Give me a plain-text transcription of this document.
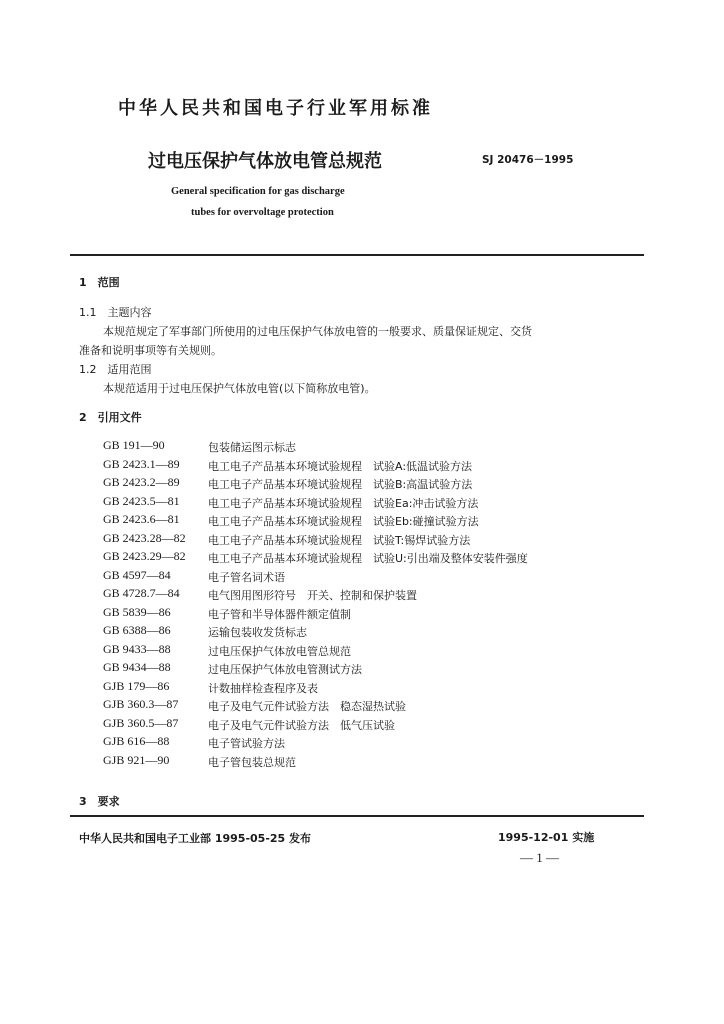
中华人民共和国电子行业军用标准
过电压保护气体放电管总规范	SJ 20476－1995
General specification for gas discharge
tubes for overvoltage protection
1　范围
1.1　主题内容
本规范规定了军事部门所使用的过电压保护气体放电管的一般要求、质量保证规定、交货
准备和说明事项等有关规则。
1.2　适用范围
本规范适用于过电压保护气体放电管(以下简称放电管)。
2　引用文件
GB 191—90	包装储运图示标志
GB 2423.1—89	电工电子产品基本环境试验规程　试验A:低温试验方法
GB 2423.2—89	电工电子产品基本环境试验规程　试验B:高温试验方法
GB 2423.5—81	电工电子产品基本环境试验规程　试验Ea:冲击试验方法
GB 2423.6—81	电工电子产品基本环境试验规程　试验Eb:碰撞试验方法
GB 2423.28—82 电工电子产品基本环境试验规程　试验T:锡焊试验方法
GB 2423.29—82 电工电子产品基本环境试验规程　试验U:引出端及整体安装件强度
GB 4597—84	电子管名词术语
GB 4728.7—84	电气图用图形符号　开关、控制和保护装置
GB 5839—86	电子管和半导体器件额定值制
GB 6388—86	运输包装收发货标志
GB 9433—88	过电压保护气体放电管总规范
GB 9434—88	过电压保护气体放电管测试方法
GJB 179—86	计数抽样检查程序及表
GJB 360.3—87	电子及电气元件试验方法　稳态湿热试验
GJB 360.5—87	电子及电气元件试验方法　低气压试验
GJB 616—88	电子管试验方法
GJB 921—90	电子管包装总规范
3　要求
中华人民共和国电子工业部 1995-05-25 发布	1995-12-01 实施
— 1 —
